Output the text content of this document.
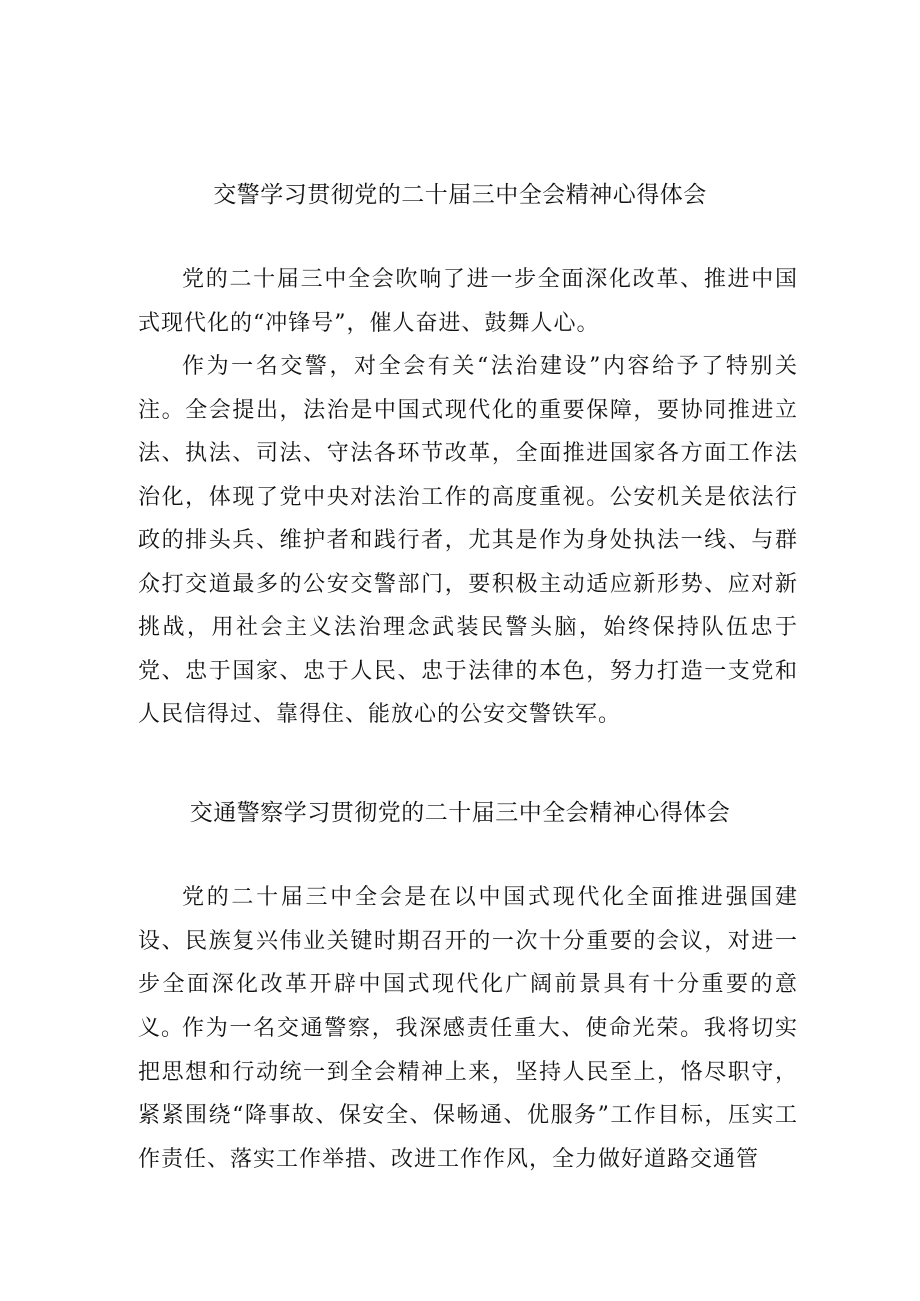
交警学习贯彻党的二十届三中全会精神心得体会

党的二十届三中全会吹响了进一步全面深化改革、推进中国式现代化的“冲锋号”，催人奋进、鼓舞人心。

作为一名交警，对全会有关“法治建设”内容给予了特别关注。全会提出，法治是中国式现代化的重要保障，要协同推进立法、执法、司法、守法各环节改革，全面推进国家各方面工作法治化，体现了党中央对法治工作的高度重视。公安机关是依法行政的排头兵、维护者和践行者，尤其是作为身处执法一线、与群众打交道最多的公安交警部门，要积极主动适应新形势、应对新挑战，用社会主义法治理念武装民警头脑，始终保持队伍忠于党、忠于国家、忠于人民、忠于法律的本色，努力打造一支党和人民信得过、靠得住、能放心的公安交警铁军。

交通警察学习贯彻党的二十届三中全会精神心得体会

党的二十届三中全会是在以中国式现代化全面推进强国建设、民族复兴伟业关键时期召开的一次十分重要的会议，对进一步全面深化改革开辟中国式现代化广阔前景具有十分重要的意义。

作为一名交通警察，我深感责任重大、使命光荣。我将切实把思想和行动统一到全会精神上来，坚持人民至上，恪尽职守，紧紧围绕“降事故、保安全、保畅通、优服务”工作目标，压实工作责任、落实工作举措、改进工作作风，全力做好道路交通管
